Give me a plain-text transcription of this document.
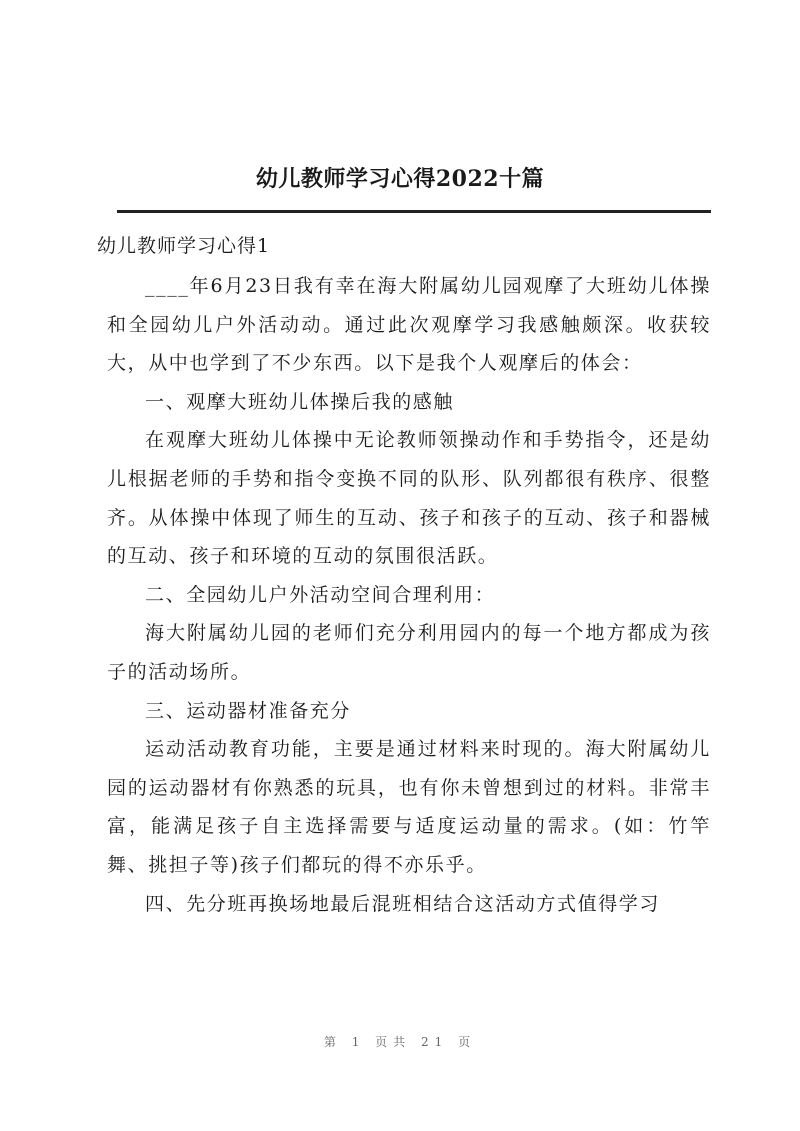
幼儿教师学习心得2022十篇
幼儿教师学习心得1

____年6月23日我有幸在海大附属幼儿园观摩了大班幼儿体操和全园幼儿户外活动动。通过此次观摩学习我感触颇深。收获较大，从中也学到了不少东西。以下是我个人观摩后的体会：

一、观摩大班幼儿体操后我的感触

在观摩大班幼儿体操中无论教师领操动作和手势指令，还是幼儿根据老师的手势和指令变换不同的队形、队列都很有秩序、很整齐。从体操中体现了师生的互动、孩子和孩子的互动、孩子和器械的互动、孩子和环境的互动的氛围很活跃。

二、全园幼儿户外活动空间合理利用：

海大附属幼儿园的老师们充分利用园内的每一个地方都成为孩子的活动场所。

三、运动器材准备充分

运动活动教育功能，主要是通过材料来时现的。海大附属幼儿园的运动器材有你熟悉的玩具，也有你未曾想到过的材料。非常丰富，能满足孩子自主选择需要与适度运动量的需求。(如：竹竿舞、挑担子等)孩子们都玩的得不亦乐乎。

四、先分班再换场地最后混班相结合这活动方式值得学习

第 1 页共 21 页
